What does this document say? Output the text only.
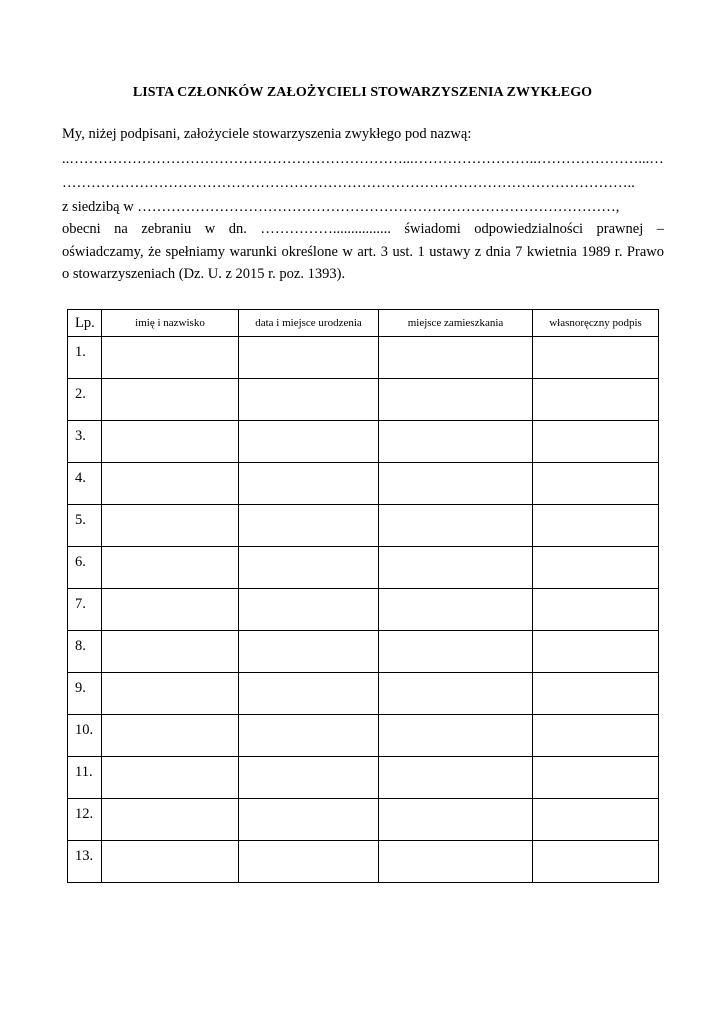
LISTA CZŁONKÓW ZAŁOŻYCIELI STOWARZYSZENIA ZWYKŁEGO
My, niżej podpisani, założyciele stowarzyszenia zwykłego pod nazwą:
..……………………………………………………………...……………………..…………………...…
………………………………………………………………………………………………………..
z siedzibą w ………………………………………………………………………………………,
obecni na zebraniu w dn. ……………................ świadomi odpowiedzialności prawnej –
oświadczamy, że spełniamy warunki określone w art. 3 ust. 1 ustawy z dnia 7 kwietnia 1989 r. Prawo
o stowarzyszeniach (Dz. U. z 2015 r. poz. 1393).
Lp.	imię i nazwisko	data i miejsce urodzenia	miejsce zamieszkania	własnoręczny podpis
1.				
2.				
3.				
4.				
5.				
6.				
7.				
8.				
9.				
10.				
11.				
12.				
13.				
